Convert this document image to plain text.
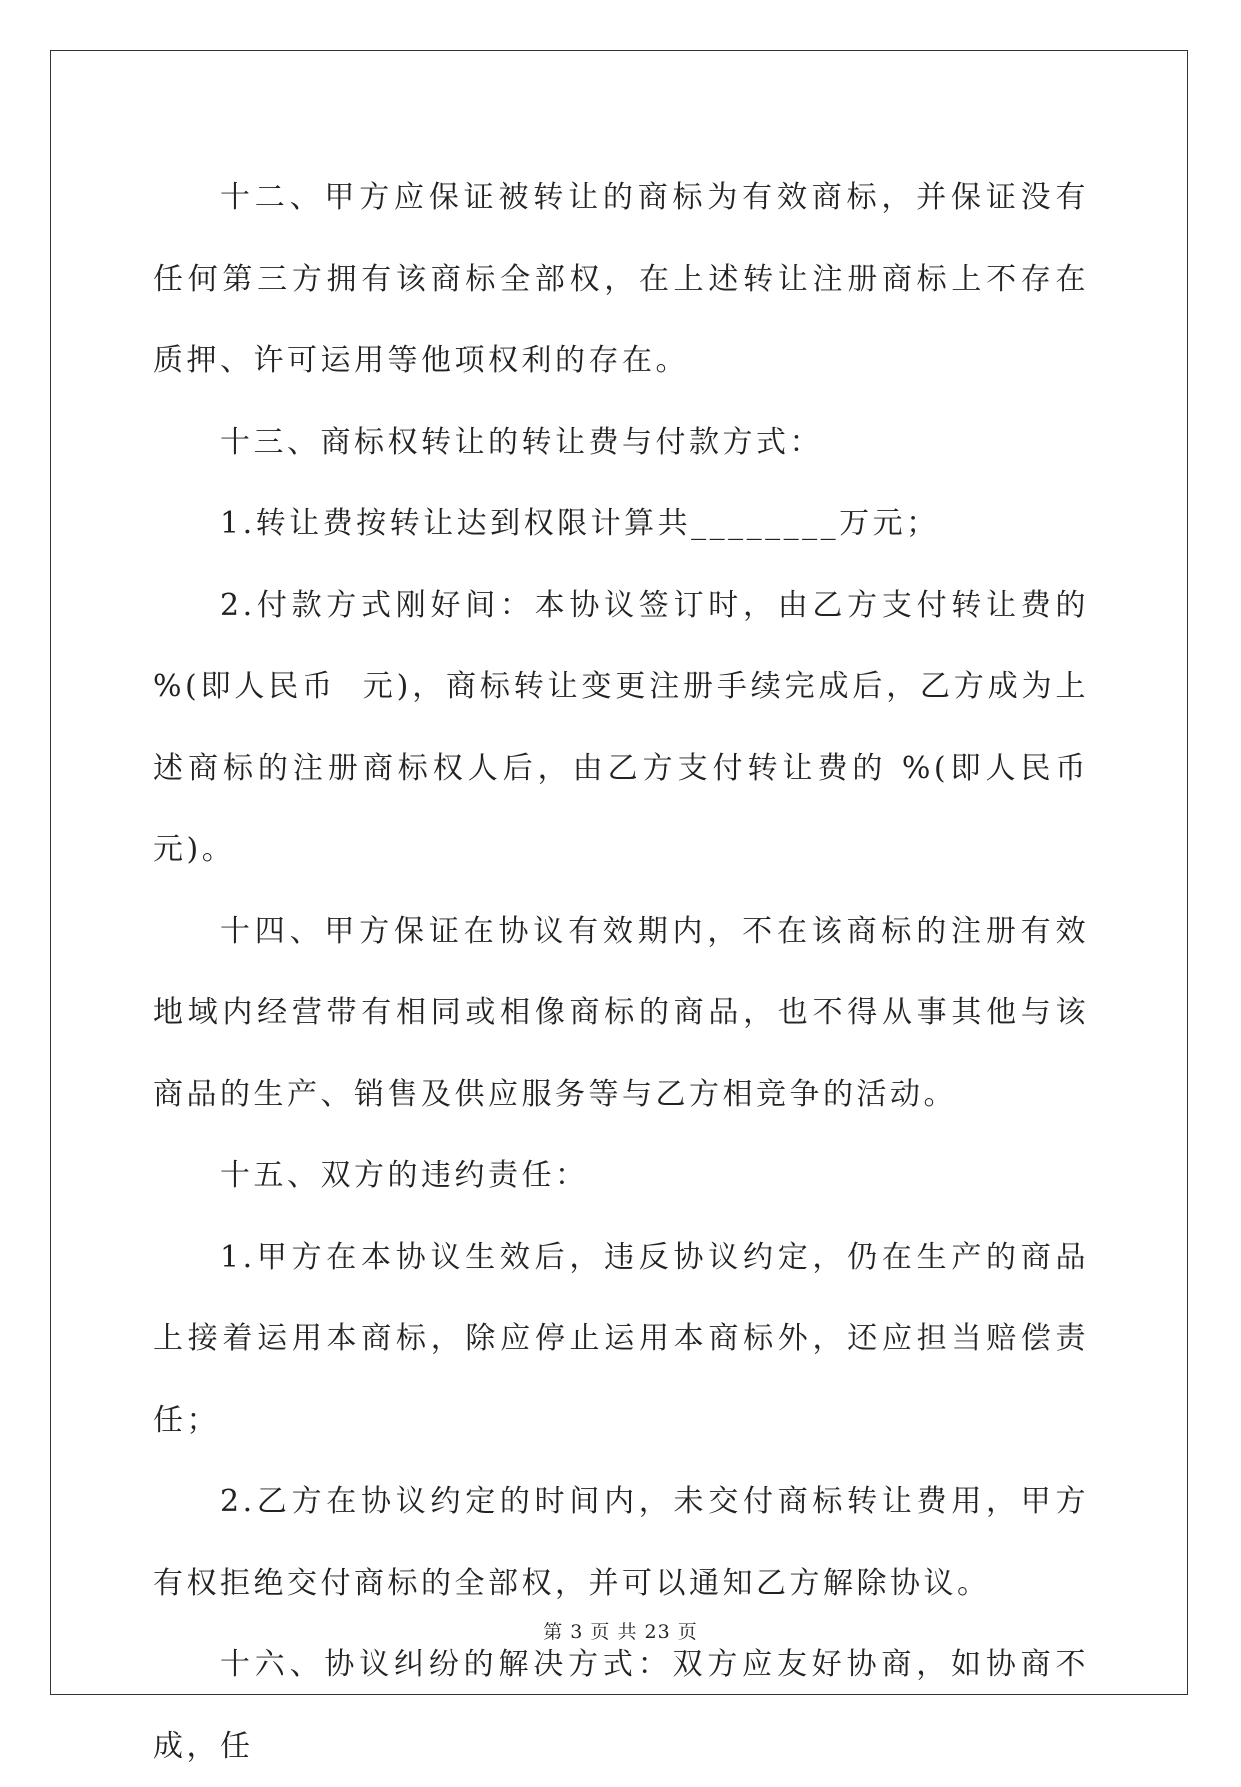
十二、甲方应保证被转让的商标为有效商标，并保证没有任何第三方拥有该商标全部权，在上述转让注册商标上不存在质押、许可运用等他项权利的存在。

十三、商标权转让的转让费与付款方式：

1.转让费按转让达到权限计算共________万元；

2.付款方式刚好间：本协议签订时，由乙方支付转让费的 %(即人民币  元)，商标转让变更注册手续完成后，乙方成为上述商标的注册商标权人后，由乙方支付转让费的 %(即人民币  元)。

十四、甲方保证在协议有效期内，不在该商标的注册有效地域内经营带有相同或相像商标的商品，也不得从事其他与该商品的生产、销售及供应服务等与乙方相竞争的活动。

十五、双方的违约责任：

1.甲方在本协议生效后，违反协议约定，仍在生产的商品上接着运用本商标，除应停止运用本商标外，还应担当赔偿责任；

2.乙方在协议约定的时间内，未交付商标转让费用，甲方有权拒绝交付商标的全部权，并可以通知乙方解除协议。

十六、协议纠纷的解决方式：双方应友好协商，如协商不成，任

第 3 页 共 23 页
